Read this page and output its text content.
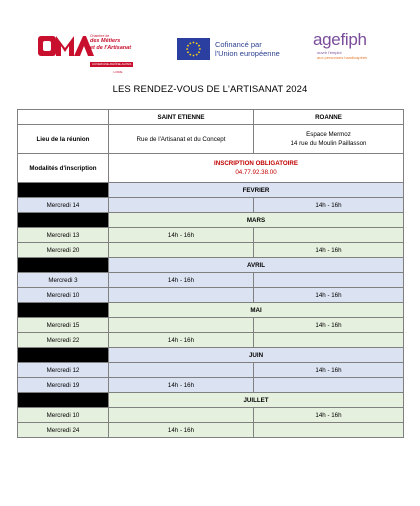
CMA
Chambre de
des Métiers
et de l'Artisanat
AUVERGNE-RHÔNE-ALPES
LOIRE
Cofinancé par
l'Union européenne
agefiph
ouvrir l'emploi
aux personnes handicapées
LES RENDEZ-VOUS DE L'ARTISANAT 2024
	SAINT ETIENNE	ROANNE
Lieu de la réunion	Rue de l'Artisanat et du Concept	Espace Mermoz
14 rue du Moulin Paillasson

Modalités d'inscription	INSCRIPTION OBLIGATOIRE
04.77.92.38.00	

	FEVRIER	
Mercredi 14		14h - 16h
	MARS	
Mercredi 13	14h - 16h	
Mercredi 20		14h - 16h
	AVRIL	
Mercredi 3	14h - 16h	
Mercredi 10		14h - 16h
	MAI	
Mercredi 15		14h - 16h
Mercredi 22	14h - 16h	
	JUIN	
Mercredi 12		14h - 16h
Mercredi 19	14h - 16h	
	JUILLET	
Mercredi 10		14h - 16h
Mercredi 24	14h - 16h	
